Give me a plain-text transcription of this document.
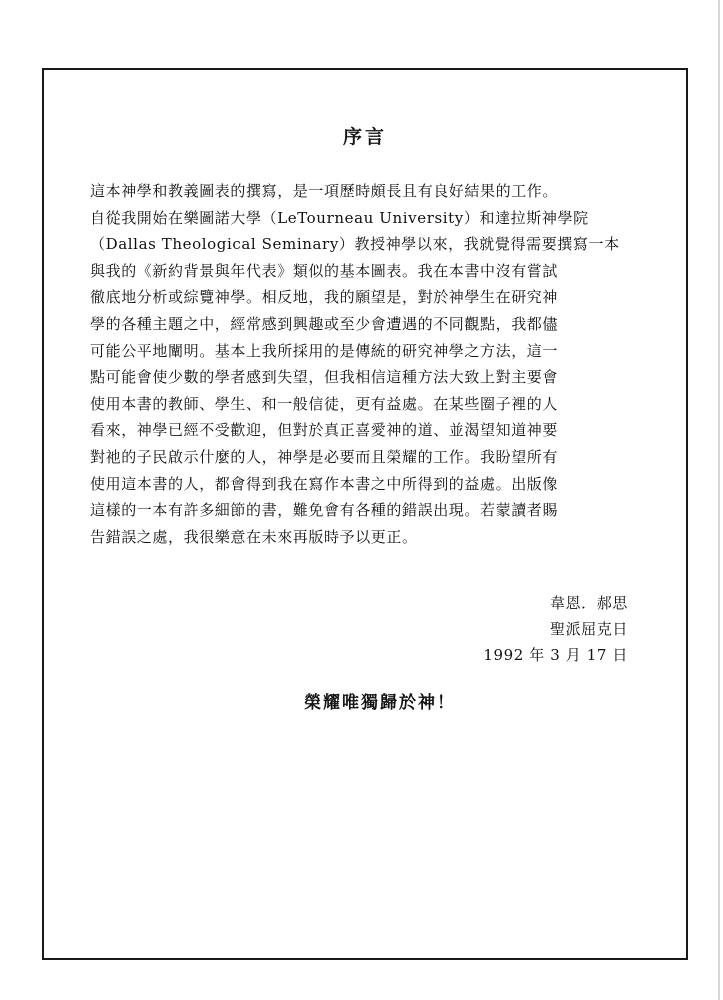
序言
這本神學和教義圖表的撰寫，是一項歷時頗長且有良好結果的工作。
自從我開始在樂圖諾大學（LeTourneau University）和達拉斯神學院
（Dallas Theological Seminary）教授神學以來，我就覺得需要撰寫一本
與我的《新約背景與年代表》類似的基本圖表。我在本書中沒有嘗試
徹底地分析或綜覽神學。相反地，我的願望是，對於神學生在研究神
學的各種主題之中，經常感到興趣或至少會遭遇的不同觀點，我都儘
可能公平地闡明。基本上我所採用的是傳統的研究神學之方法，這一
點可能會使少數的學者感到失望，但我相信這種方法大致上對主要會
使用本書的教師、學生、和一般信徒，更有益處。在某些圈子裡的人
看來，神學已經不受歡迎，但對於真正喜愛神的道、並渴望知道神要
對祂的子民啟示什麼的人，神學是必要而且榮耀的工作。我盼望所有
使用這本書的人，都會得到我在寫作本書之中所得到的益處。出版像
這樣的一本有許多細節的書，難免會有各種的錯誤出現。若蒙讀者賜
告錯誤之處，我很樂意在未來再版時予以更正。
韋恩．郝思
聖派屈克日
1992 年 3 月 17 日
榮耀唯獨歸於神！
